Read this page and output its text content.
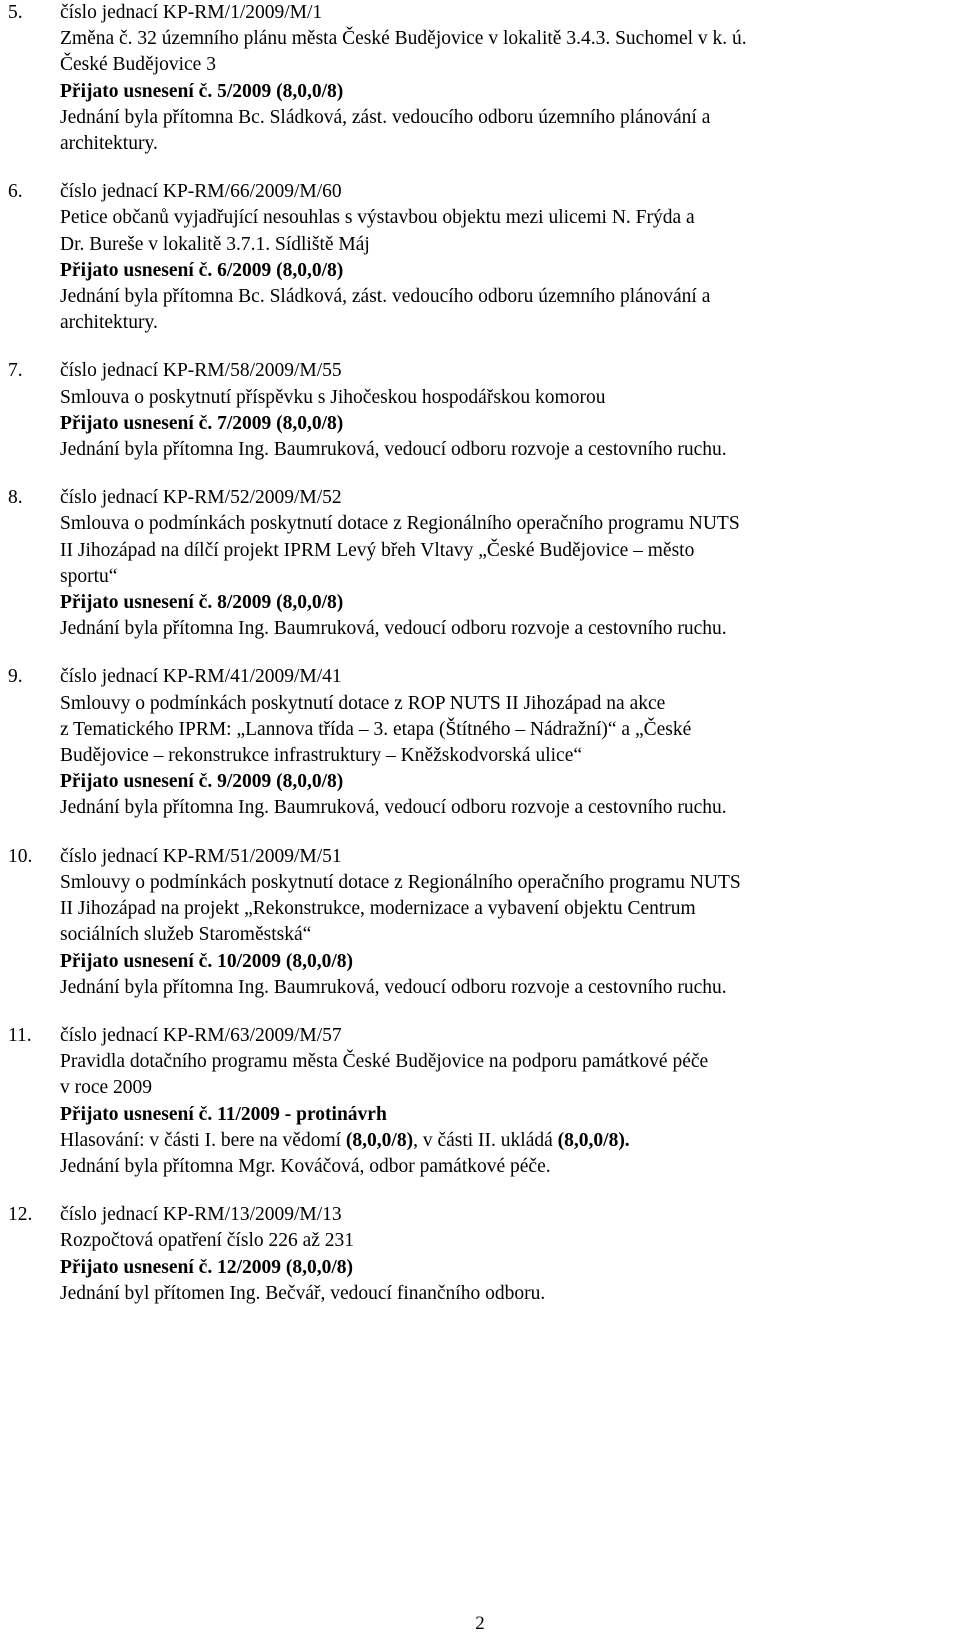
5.	číslo jednací KP-RM/1/2009/M/1
Změna č. 32 územního plánu města České Budějovice v lokalitě 3.4.3. Suchomel v k. ú.
České Budějovice 3
Přijato usnesení č. 5/2009 (8,0,0/8)
Jednání byla přítomna Bc. Sládková, zást. vedoucího odboru územního plánování a
architektury.
6.	číslo jednací KP-RM/66/2009/M/60
Petice občanů vyjadřující nesouhlas s výstavbou objektu mezi ulicemi N. Frýda a
Dr. Bureše v lokalitě 3.7.1. Sídliště Máj
Přijato usnesení č. 6/2009 (8,0,0/8)
Jednání byla přítomna Bc. Sládková, zást. vedoucího odboru územního plánování a
architektury.
7.	číslo jednací KP-RM/58/2009/M/55
Smlouva o poskytnutí příspěvku s Jihočeskou hospodářskou komorou
Přijato usnesení č. 7/2009 (8,0,0/8)
Jednání byla přítomna Ing. Baumruková, vedoucí odboru rozvoje a cestovního ruchu.
8.	číslo jednací KP-RM/52/2009/M/52
Smlouva o podmínkách poskytnutí dotace z Regionálního operačního programu NUTS
II Jihozápad na dílčí projekt IPRM Levý břeh Vltavy „České Budějovice – město
sportu“
Přijato usnesení č. 8/2009 (8,0,0/8)
Jednání byla přítomna Ing. Baumruková, vedoucí odboru rozvoje a cestovního ruchu.
9.	číslo jednací KP-RM/41/2009/M/41
Smlouvy o podmínkách poskytnutí dotace z ROP NUTS II Jihozápad na akce
z Tematického IPRM: „Lannova třída – 3. etapa (Štítného – Nádražní)“ a „České
Budějovice – rekonstrukce infrastruktury – Kněžskodvorská ulice“
Přijato usnesení č. 9/2009 (8,0,0/8)
Jednání byla přítomna Ing. Baumruková, vedoucí odboru rozvoje a cestovního ruchu.
10.	číslo jednací KP-RM/51/2009/M/51
Smlouvy o podmínkách poskytnutí dotace z Regionálního operačního programu NUTS
II Jihozápad na projekt „Rekonstrukce, modernizace a vybavení objektu Centrum
sociálních služeb Staroměstská“
Přijato usnesení č. 10/2009 (8,0,0/8)
Jednání byla přítomna Ing. Baumruková, vedoucí odboru rozvoje a cestovního ruchu.
11.	číslo jednací KP-RM/63/2009/M/57
Pravidla dotačního programu města České Budějovice na podporu památkové péče
v roce 2009
Přijato usnesení č. 11/2009 - protinávrh
Hlasování: v části I. bere na vědomí (8,0,0/8), v části II. ukládá (8,0,0/8).
Jednání byla přítomna Mgr. Kováčová, odbor památkové péče.
12.	číslo jednací KP-RM/13/2009/M/13
Rozpočtová opatření číslo 226 až 231
Přijato usnesení č. 12/2009 (8,0,0/8)
Jednání byl přítomen Ing. Bečvář, vedoucí finančního odboru.
2
